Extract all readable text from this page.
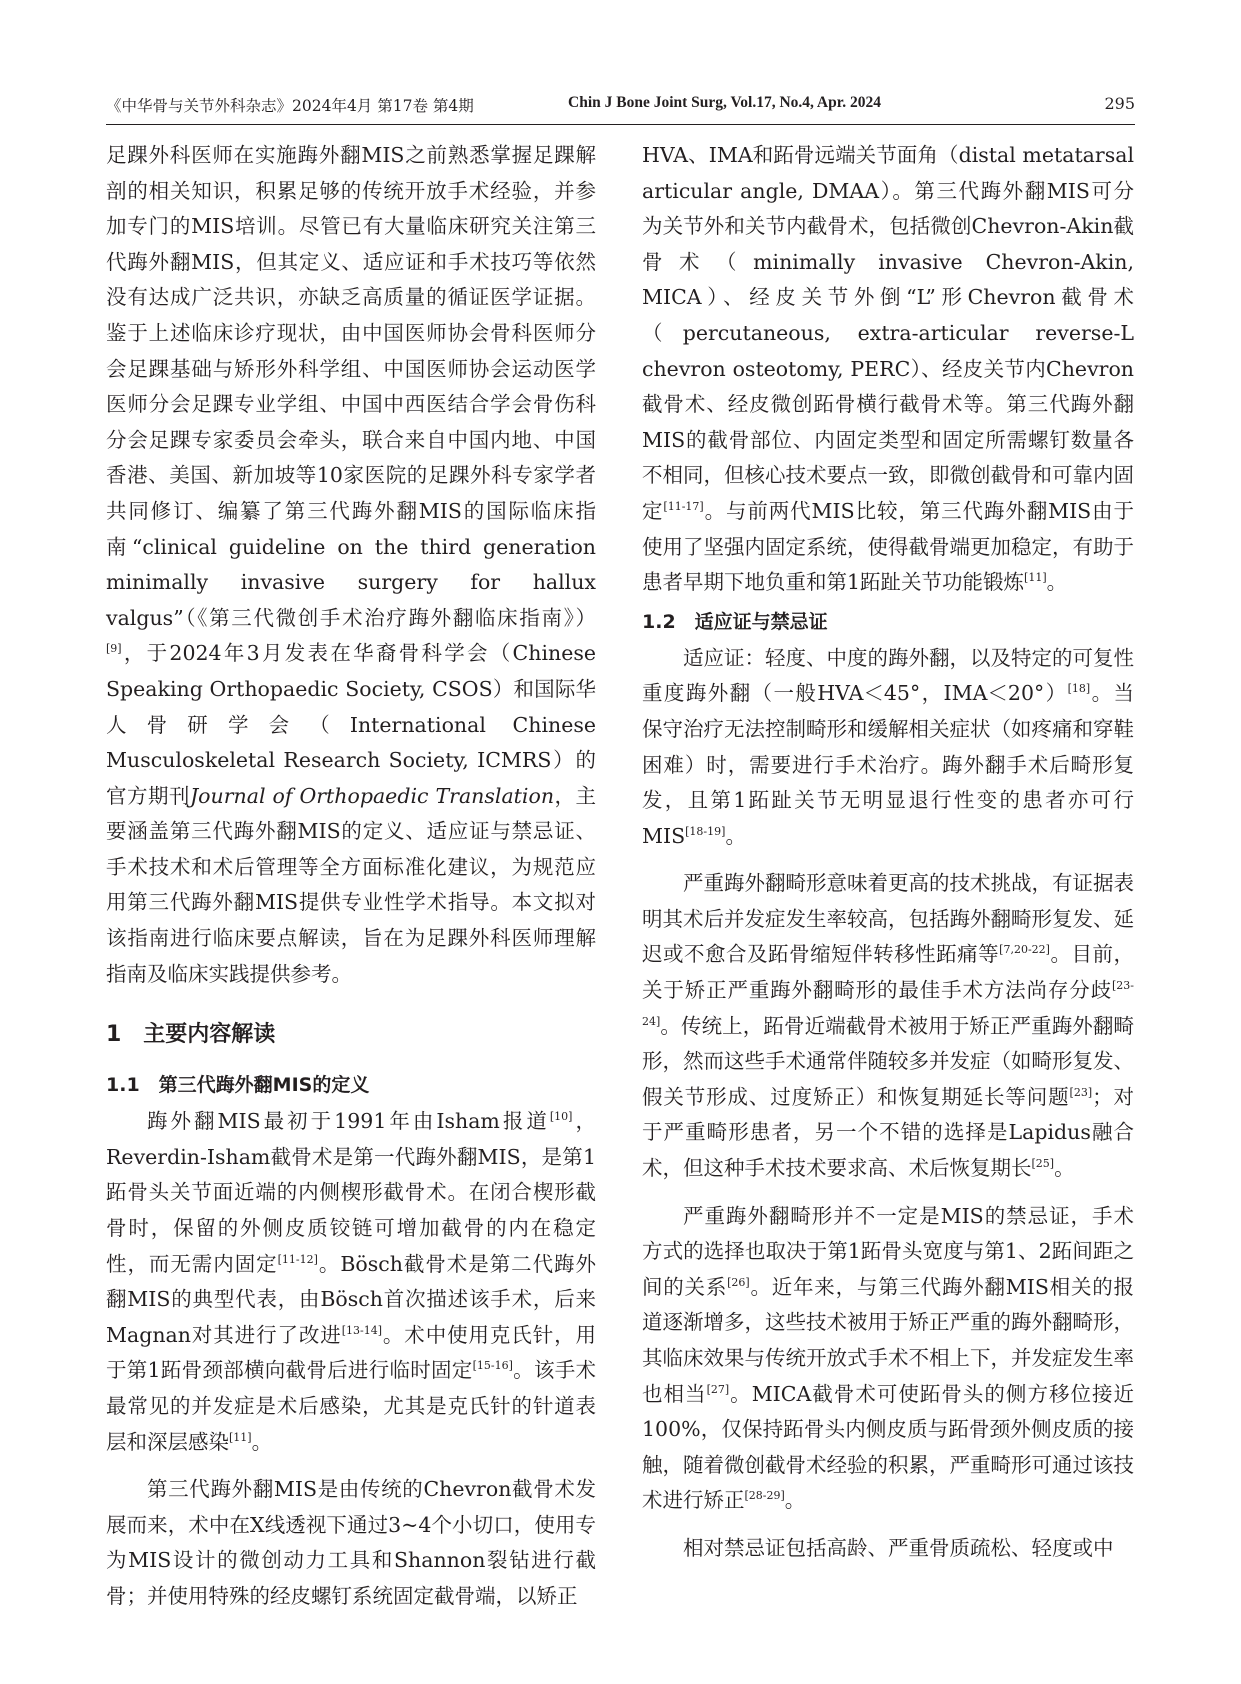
《中华骨与关节外科杂志》2024年4月 第17卷 第4期	Chin J Bone Joint Surg, Vol.17, No.4, Apr. 2024	295

足踝外科医师在实施踇外翻MIS之前熟悉掌握足踝解剖的相关知识，积累足够的传统开放手术经验，并参加专门的MIS培训。尽管已有大量临床研究关注第三代踇外翻MIS，但其定义、适应证和手术技巧等依然没有达成广泛共识，亦缺乏高质量的循证医学证据。鉴于上述临床诊疗现状，由中国医师协会骨科医师分会足踝基础与矫形外科学组、中国医师协会运动医学医师分会足踝专业学组、中国中西医结合学会骨伤科分会足踝专家委员会牵头，联合来自中国内地、中国香港、美国、新加坡等10家医院的足踝外科专家学者共同修订、编纂了第三代踇外翻MIS的国际临床指南“clinical guideline on the third generation minimally invasive surgery for hallux valgus”（《第三代微创手术治疗踇外翻临床指南》）[9]，于2024年3月发表在华裔骨科学会（Chinese Speaking Orthopaedic Society, CSOS）和国际华人骨研学会（International Chinese Musculoskeletal Research Society, ICMRS）的官方期刊Journal of Orthopaedic Translation，主要涵盖第三代踇外翻MIS的定义、适应证与禁忌证、手术技术和术后管理等全方面标准化建议，为规范应用第三代踇外翻MIS提供专业性学术指导。本文拟对该指南进行临床要点解读，旨在为足踝外科医师理解指南及临床实践提供参考。

1　主要内容解读
1.1　第三代踇外翻MIS的定义

踇外翻MIS最初于1991年由Isham报道[10]，Reverdin-Isham截骨术是第一代踇外翻MIS，是第1跖骨头关节面近端的内侧楔形截骨术。在闭合楔形截骨时，保留的外侧皮质铰链可增加截骨的内在稳定性，而无需内固定[11-12]。Bösch截骨术是第二代踇外翻MIS的典型代表，由Bösch首次描述该手术，后来Magnan对其进行了改进[13-14]。术中使用克氏针，用于第1跖骨颈部横向截骨后进行临时固定[15-16]。该手术最常见的并发症是术后感染，尤其是克氏针的针道表层和深层感染[11]。

第三代踇外翻MIS是由传统的Chevron截骨术发展而来，术中在X线透视下通过3~4个小切口，使用专为MIS设计的微创动力工具和Shannon裂钻进行截骨；并使用特殊的经皮螺钉系统固定截骨端，以矫正

HVA、IMA和跖骨远端关节面角（distal metatarsal articular angle, DMAA）。第三代踇外翻MIS可分为关节外和关节内截骨术，包括微创Chevron-Akin截骨术（minimally invasive Chevron-Akin, MICA）、经皮关节外倒“L”形Chevron截骨术（percutaneous, extra-articular reverse-L chevron osteotomy, PERC）、经皮关节内Chevron截骨术、经皮微创跖骨横行截骨术等。第三代踇外翻MIS的截骨部位、内固定类型和固定所需螺钉数量各不相同，但核心技术要点一致，即微创截骨和可靠内固定[11-17]。与前两代MIS比较，第三代踇外翻MIS由于使用了坚强内固定系统，使得截骨端更加稳定，有助于患者早期下地负重和第1跖趾关节功能锻炼[11]。

1.2　适应证与禁忌证

适应证：轻度、中度的踇外翻，以及特定的可复性重度踇外翻（一般HVA＜45°，IMA＜20°）[18]。当保守治疗无法控制畸形和缓解相关症状（如疼痛和穿鞋困难）时，需要进行手术治疗。踇外翻手术后畸形复发，且第1跖趾关节无明显退行性变的患者亦可行MIS[18-19]。

严重踇外翻畸形意味着更高的技术挑战，有证据表明其术后并发症发生率较高，包括踇外翻畸形复发、延迟或不愈合及跖骨缩短伴转移性跖痛等[7,20-22]。目前，关于矫正严重踇外翻畸形的最佳手术方法尚存分歧[23-24]。传统上，跖骨近端截骨术被用于矫正严重踇外翻畸形，然而这些手术通常伴随较多并发症（如畸形复发、假关节形成、过度矫正）和恢复期延长等问题[23]；对于严重畸形患者，另一个不错的选择是Lapidus融合术，但这种手术技术要求高、术后恢复期长[25]。

严重踇外翻畸形并不一定是MIS的禁忌证，手术方式的选择也取决于第1跖骨头宽度与第1、2跖间距之间的关系[26]。近年来，与第三代踇外翻MIS相关的报道逐渐增多，这些技术被用于矫正严重的踇外翻畸形，其临床效果与传统开放式手术不相上下，并发症发生率也相当[27]。MICA截骨术可使跖骨头的侧方移位接近100%，仅保持跖骨头内侧皮质与跖骨颈外侧皮质的接触，随着微创截骨术经验的积累，严重畸形可通过该技术进行矫正[28-29]。

相对禁忌证包括高龄、严重骨质疏松、轻度或中
